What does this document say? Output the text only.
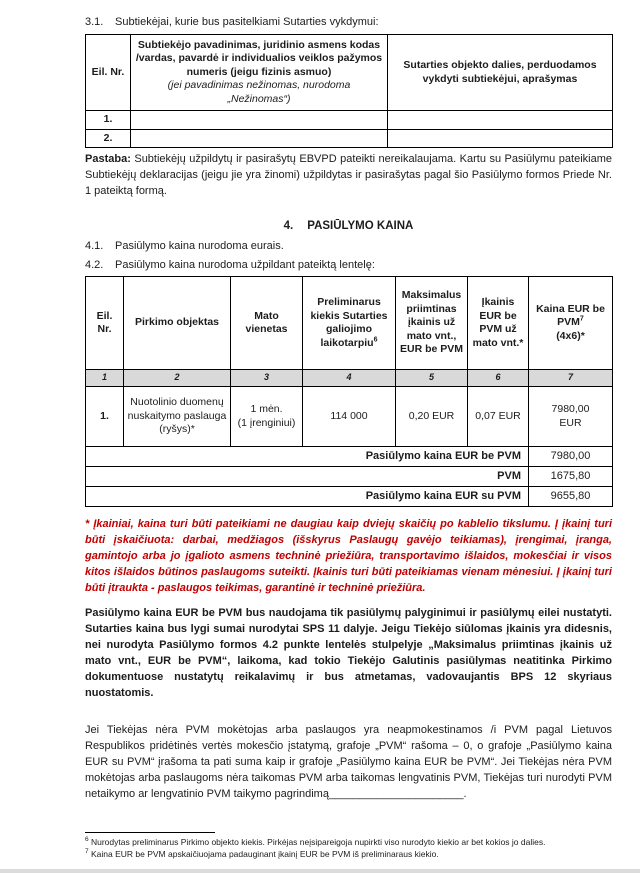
3.1.	Subtiekėjai, kurie bus pasitelkiami Sutarties vykdymui:
Eil. Nr.	Subtiekėjo pavadinimas, juridinio asmens kodas /vardas, pavardė ir individualios veiklos pažymos numeris (jeigu fizinis asmuo)
(jei pavadinimas nežinomas, nurodoma
„Nežinomas“)	Sutarties objekto dalies, perduodamos vykdyti subtiekėjui, aprašymas
1.		
2.		

Pastaba: Subtiekėjų užpildytų ir pasirašytų EBVPD pateikti nereikalaujama. Kartu su Pasiūlymu pateikiame Subtiekėjų deklaracijas (jeigu jie yra žinomi) užpildytas ir pasirašytas pagal šio Pasiūlymo formos Priede Nr. 1 pateiktą formą.

4. PASIŪLYMO KAINA
4.1.	Pasiūlymo kaina nurodoma eurais.
4.2.	Pasiūlymo kaina nurodoma užpildant pateiktą lentelę:
Eil. Nr.	Pirkimo objektas	Mato vienetas	Preliminarus kiekis Sutarties galiojimo laikotarpiu$^6$	Maksimalus priimtinas įkainis už mato vnt., EUR be PVM	Įkainis EUR be PVM už mato vnt.*	Kaina EUR be PVM$^7$
(4x6)*

1	2	3	4	5	6	7
1.	Nuotolinio duomenų nuskaitymo paslauga (ryšys)*	1 mėn.
(1 įrenginiui)	114 000	0,20 EUR	0,07 EUR	7980,00
EUR

Pasiūlymo kaina EUR be PVM						7980,00
PVM						1675,80
Pasiūlymo kaina EUR su PVM						9655,80

* Įkainiai, kaina turi būti pateikiami ne daugiau kaip dviejų skaičių po kablelio tikslumu. Į įkainį turi būti įskaičiuota: darbai, medžiagos (išskyrus Paslaugų gavėjo teikiamas), įrengimai, įranga, gamintojo arba jo įgalioto asmens techninė priežiūra, transportavimo išlaidos, mokesčiai ir visos kitos išlaidos būtinos paslaugoms suteikti. Įkainis turi būti pateikiamas vienam mėnesiui. Į įkainį turi būti įtraukta - paslaugos teikimas, garantinė ir techninė priežiūra.

Pasiūlymo kaina EUR be PVM bus naudojama tik pasiūlymų palyginimui ir pasiūlymų eilei nustatyti. Sutarties kaina bus lygi sumai nurodytai SPS 11 dalyje. Jeigu Tiekėjo siūlomas įkainis yra didesnis, nei nurodyta Pasiūlymo formos 4.2 punkte lentelės stulpelyje „Maksimalus priimtinas įkainis už mato vnt., EUR be PVM“, laikoma, kad tokio Tiekėjo Galutinis pasiūlymas neatitinka Pirkimo dokumentuose nustatytų reikalavimų ir bus atmetamas, vadovaujantis BPS 12 skyriaus nuostatomis.

Jei Tiekėjas nėra PVM mokėtojas arba paslaugos yra neapmokestinamos /i PVM pagal Lietuvos Respublikos pridėtinės vertės mokesčio įstatymą, grafoje „PVM“ rašoma – 0, o grafoje „Pasiūlymo kaina EUR su PVM“ įrašoma ta pati suma kaip ir grafoje „Pasiūlymo kaina EUR be PVM“. Jei Tiekėjas nėra PVM mokėtojas arba paslaugoms nėra taikomas PVM arba taikomas lengvatinis PVM, Tiekėjas turi nurodyti PVM netaikymo ar lengvatinio PVM taikymo pagrindimą______________________.

$^6$ Nurodytas preliminarus Pirkimo objekto kiekis. Pirkėjas neįsipareigoja nupirkti viso nurodyto kiekio ar bet kokios jo dalies.
$^7$ Kaina EUR be PVM apskaičiuojama padauginant įkainį EUR be PVM iš preliminaraus kiekio.
